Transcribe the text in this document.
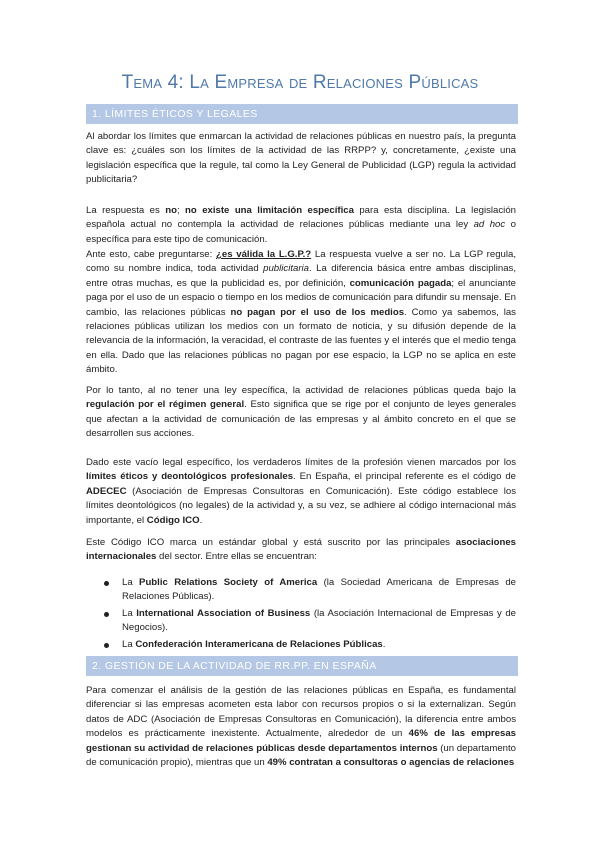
Tema 4: La Empresa de Relaciones Públicas
1. LÍMITES ÉTICOS Y LEGALES

Al abordar los límites que enmarcan la actividad de relaciones públicas en nuestro país, la pregunta clave es: ¿cuáles son los límites de la actividad de las RRPP? y, concretamente, ¿existe una legislación específica que la regule, tal como la Ley General de Publicidad (LGP) regula la actividad publicitaria?

La respuesta es no; no existe una limitación específica para esta disciplina. La legislación española actual no contempla la actividad de relaciones públicas mediante una ley ad hoc o específica para este tipo de comunicación.

Ante esto, cabe preguntarse: ¿es válida la L.G.P.? La respuesta vuelve a ser no. La LGP regula, como su nombre indica, toda actividad publicitaria. La diferencia básica entre ambas disciplinas, entre otras muchas, es que la publicidad es, por definición, comunicación pagada; el anunciante paga por el uso de un espacio o tiempo en los medios de comunicación para difundir su mensaje. En cambio, las relaciones públicas no pagan por el uso de los medios. Como ya sabemos, las relaciones públicas utilizan los medios con un formato de noticia, y su difusión depende de la relevancia de la información, la veracidad, el contraste de las fuentes y el interés que el medio tenga en ella. Dado que las relaciones públicas no pagan por ese espacio, la LGP no se aplica en este ámbito.

Por lo tanto, al no tener una ley específica, la actividad de relaciones públicas queda bajo la regulación por el régimen general. Esto significa que se rige por el conjunto de leyes generales que afectan a la actividad de comunicación de las empresas y al ámbito concreto en el que se desarrollen sus acciones.

Dado este vacío legal específico, los verdaderos límites de la profesión vienen marcados por los límites éticos y deontológicos profesionales. En España, el principal referente es el código de ADECEC (Asociación de Empresas Consultoras en Comunicación). Este código establece los límites deontológicos (no legales) de la actividad y, a su vez, se adhiere al código internacional más importante, el Código ICO.

Este Código ICO marca un estándar global y está suscrito por las principales asociaciones internacionales del sector. Entre ellas se encuentran:

La Public Relations Society of America (la Sociedad Americana de Empresas de Relaciones Públicas).
La International Association of Business (la Asociación Internacional de Empresas y de Negocios).
La Confederación Interamericana de Relaciones Públicas.
2. GESTIÓN DE LA ACTIVIDAD DE RR.PP. EN ESPAÑA

Para comenzar el análisis de la gestión de las relaciones públicas en España, es fundamental diferenciar si las empresas acometen esta labor con recursos propios o si la externalizan. Según datos de ADC (Asociación de Empresas Consultoras en Comunicación), la diferencia entre ambos modelos es prácticamente inexistente. Actualmente, alrededor de un 46% de las empresas gestionan su actividad de relaciones públicas desde departamentos internos (un departamento de comunicación propio), mientras que un 49% contratan a consultoras o agencias de relaciones
